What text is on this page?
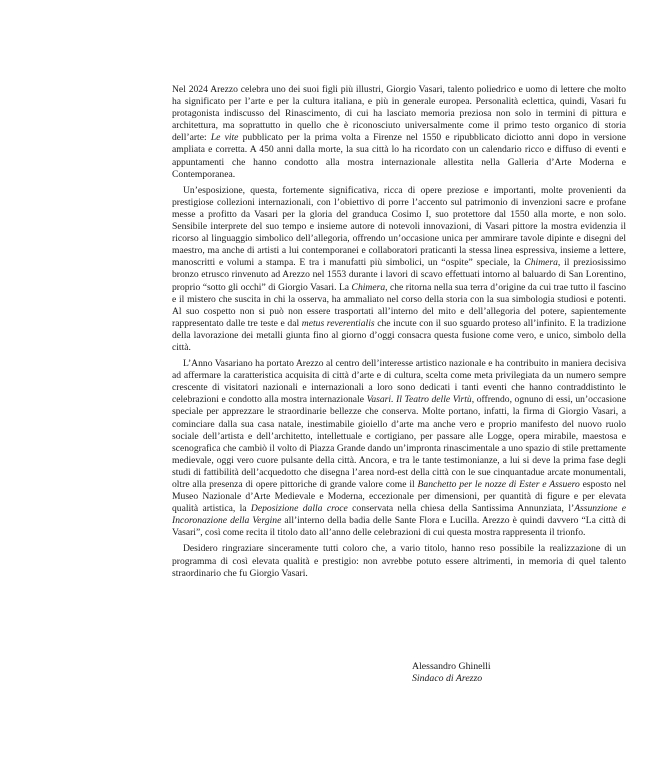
Nel 2024 Arezzo celebra uno dei suoi figli più illustri, Giorgio Vasari, talento poliedrico e uomo di lettere che molto ha significato per l’arte e per la cultura italiana, e più in generale europea. Personalità eclettica, quindi, Vasari fu protagonista indiscusso del Rinascimento, di cui ha lasciato memoria preziosa non solo in termini di pittura e architettura, ma soprattutto in quello che è riconosciuto universalmente come il primo testo organico di storia dell’arte: Le vite pubblicato per la prima volta a Firenze nel 1550 e ripubblicato diciotto anni dopo in versione ampliata e corretta. A 450 anni dalla morte, la sua città lo ha ricordato con un calendario ricco e diffuso di eventi e appuntamenti che hanno condotto alla mostra internazionale allestita nella Galleria d’Arte Moderna e Contemporanea.

Un’esposizione, questa, fortemente significativa, ricca di opere preziose e importanti, molte provenienti da prestigiose collezioni internazionali, con l’obiettivo di porre l’accento sul patrimonio di invenzioni sacre e profane messe a profitto da Vasari per la gloria del granduca Cosimo I, suo protettore dal 1550 alla morte, e non solo. Sensibile interprete del suo tempo e insieme autore di notevoli innovazioni, di Vasari pittore la mostra evidenzia il ricorso al linguaggio simbolico dell’allegoria, offrendo un’occasione unica per ammirare tavole dipinte e disegni del maestro, ma anche di artisti a lui contemporanei e collaboratori praticanti la stessa linea espressiva, insieme a lettere, manoscritti e volumi a stampa. E tra i manufatti più simbolici, un “ospite” speciale, la Chimera, il preziosissimo bronzo etrusco rinvenuto ad Arezzo nel 1553 durante i lavori di scavo effettuati intorno al baluardo di San Lorentino, proprio “sotto gli occhi” di Giorgio Vasari. La Chimera, che ritorna nella sua terra d’origine da cui trae tutto il fascino e il mistero che suscita in chi la osserva, ha ammaliato nel corso della storia con la sua simbologia studiosi e potenti. Al suo cospetto non si può non essere trasportati all’interno del mito e dell’allegoria del potere, sapientemente rappresentato dalle tre teste e dal metus reverentialis che incute con il suo sguardo proteso all’infinito. E la tradizione della lavorazione dei metalli giunta fino al giorno d’oggi consacra questa fusione come vero, e unico, simbolo della città.

L’Anno Vasariano ha portato Arezzo al centro dell’interesse artistico nazionale e ha contribuito in maniera decisiva ad affermare la caratteristica acquisita di città d’arte e di cultura, scelta come meta privilegiata da un numero sempre crescente di visitatori nazionali e internazionali a loro sono dedicati i tanti eventi che hanno contraddistinto le celebrazioni e condotto alla mostra internazionale Vasari. Il Teatro delle Virtù, offrendo, ognuno di essi, un’occasione speciale per apprezzare le straordinarie bellezze che conserva. Molte portano, infatti, la firma di Giorgio Vasari, a cominciare dalla sua casa natale, inestimabile gioiello d’arte ma anche vero e proprio manifesto del nuovo ruolo sociale dell’artista e dell’architetto, intellettuale e cortigiano, per passare alle Logge, opera mirabile, maestosa e scenografica che cambiò il volto di Piazza Grande dando un’impronta rinascimentale a uno spazio di stile prettamente medievale, oggi vero cuore pulsante della città. Ancora, e tra le tante testimonianze, a lui si deve la prima fase degli studi di fattibilità dell’acquedotto che disegna l’area nord-est della città con le sue cinquantadue arcate monumentali, oltre alla presenza di opere pittoriche di grande valore come il Banchetto per le nozze di Ester e Assuero esposto nel Museo Nazionale d’Arte Medievale e Moderna, eccezionale per dimensioni, per quantità di figure e per elevata qualità artistica, la Deposizione dalla croce conservata nella chiesa della Santissima Annunziata, l’Assunzione e Incoronazione della Vergine all’interno della badia delle Sante Flora e Lucilla. Arezzo è quindi davvero “La città di Vasari”, così come recita il titolo dato all’anno delle celebrazioni di cui questa mostra rappresenta il trionfo.

Desidero ringraziare sinceramente tutti coloro che, a vario titolo, hanno reso possibile la realizzazione di un programma di così elevata qualità e prestigio: non avrebbe potuto essere altrimenti, in memoria di quel talento straordinario che fu Giorgio Vasari.

Alessandro Ghinelli
Sindaco di Arezzo
